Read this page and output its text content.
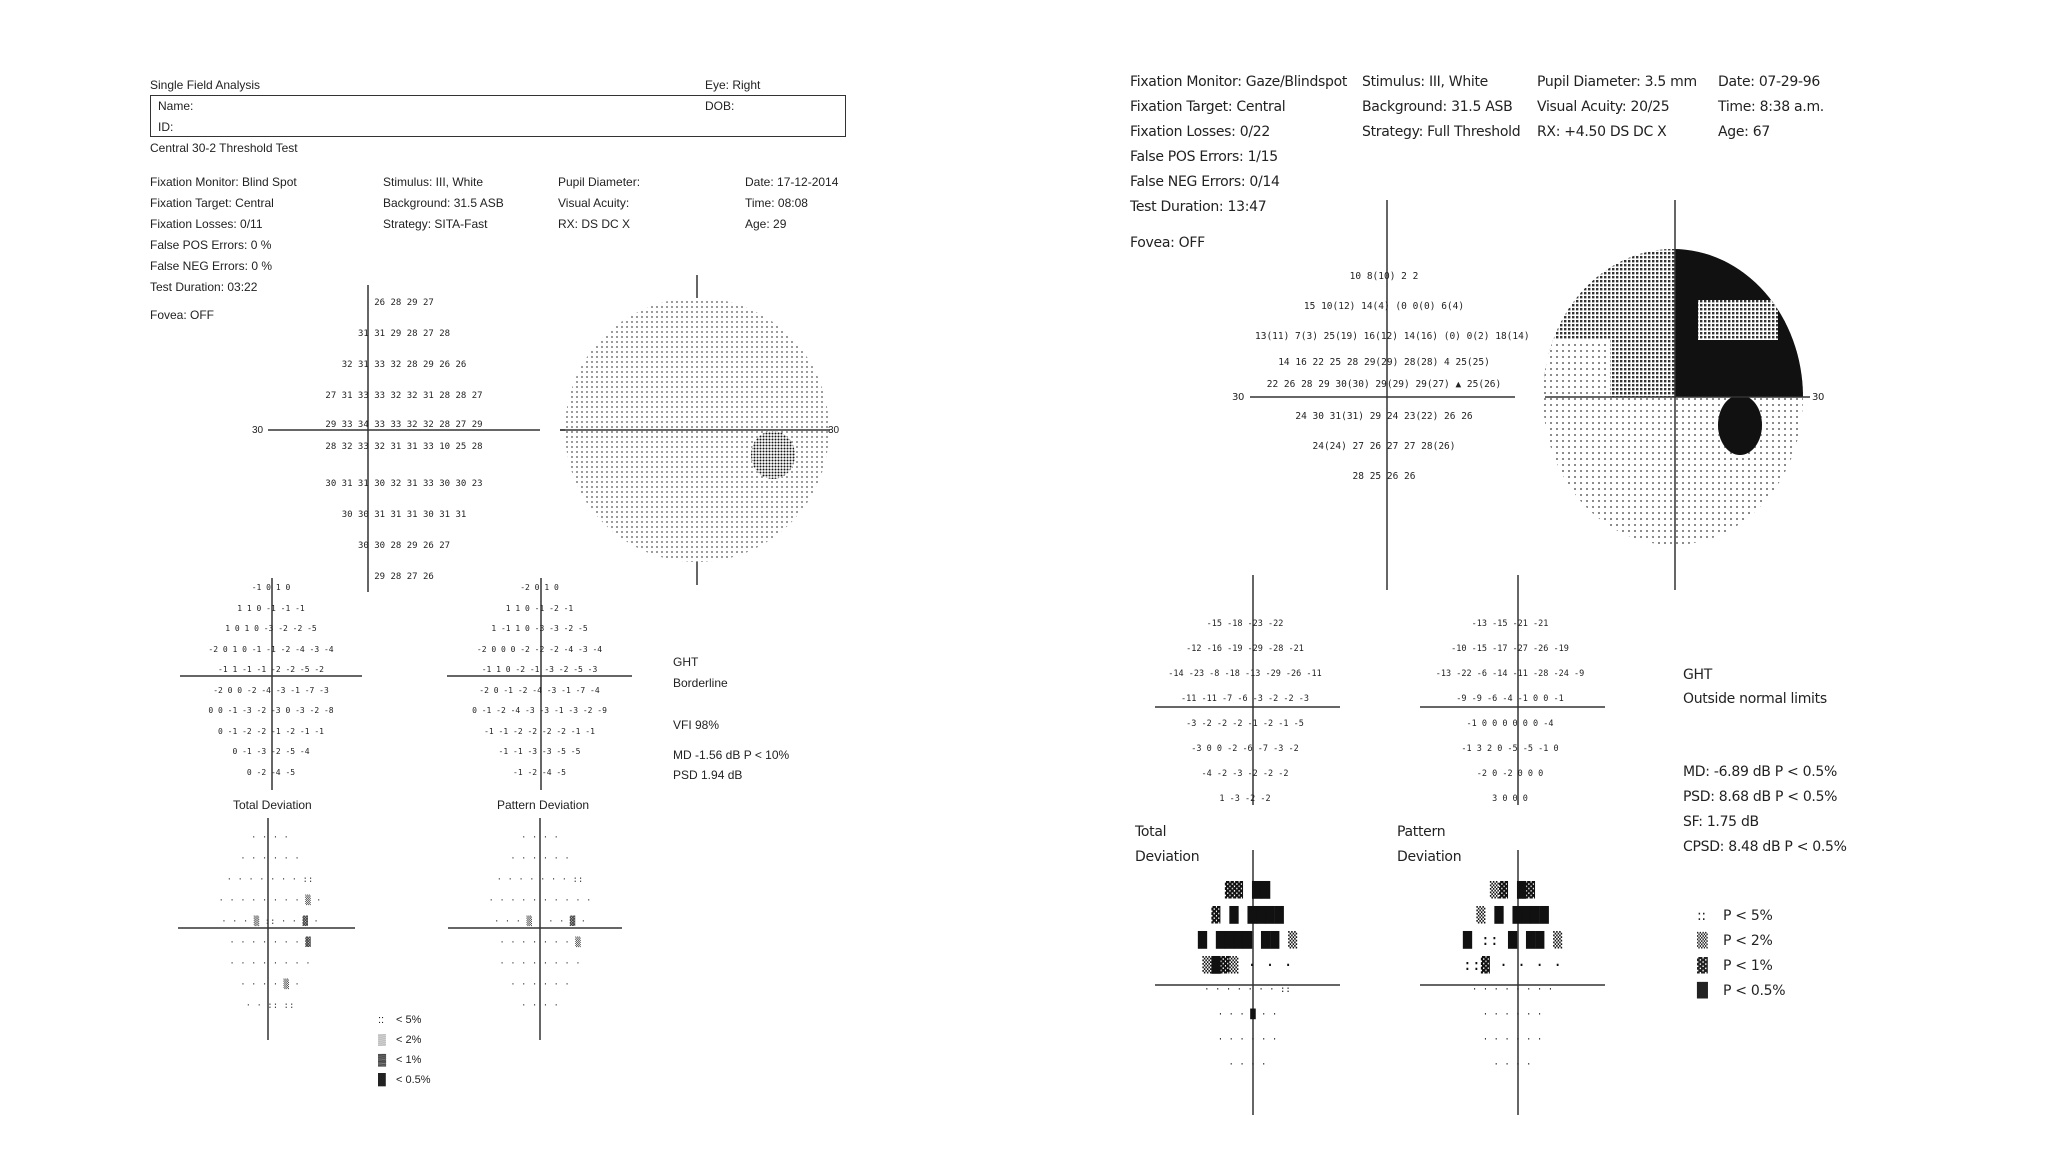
Single Field Analysis	Eye: Right
Name:	DOB:
ID:
Central 30-2 Threshold Test
Fixation Monitor: Blind Spot
Fixation Target: Central
Fixation Losses: 0/11
False POS Errors: 0 %
False NEG Errors: 0 %
Test Duration: 03:22
Stimulus: III, White
Background: 31.5 ASB
Strategy: SITA-Fast
Pupil Diameter:
Visual Acuity:
RX: DS DC X
Date: 17-12-2014
Time: 08:08
Age: 29
Fovea: OFF
30	30
26 28 29 27
31 31 29 28 27 28
32 31 33 32 28 29 26 26
27 31 33 33 32 32 31 28 28 27
29 33 34 33 33 32 32 28 27 29
28 32 33 32 31 31 33 10 25 28
30 31 31 30 32 31 33 30 30 23
30 30 31 31 31 30 31 31
30 30 28 29 26 27
29 28 27 26
-1 0 1 0
1 1 0 -1 -1 -1
1 0 1 0 -3 -2 -2 -5
-2 0 1 0 -1 -1 -2 -4 -3 -4
-1 1 -1 -1 -2 -2 -5 -2
-2 0 0 -2 -4 -3 -1 -7 -3
0 0 -1 -3 -2 -3 0 -3 -2 -8
0 -1 -2 -2 -1 -2 -1 -1
0 -1 -3 -2 -5 -4
0 -2 -4 -5
-2 0 1 0
1 1 0 -1 -2 -1
1 -1 1 0 -3 -3 -2 -5
-2 0 0 0 -2 -2 -2 -4 -3 -4
-1 1 0 -2 -1 -3 -2 -5 -3
-2 0 -1 -2 -4 -3 -1 -7 -4
0 -1 -2 -4 -3 -3 -1 -3 -2 -9
-1 -1 -2 -2 -2 -2 -1 -1
-1 -1 -3 -3 -5 -5
-1 -2 -4 -5
Total Deviation	Pattern Deviation
· · · ·
· · · · · ·
· · · · · · · ::
· · · · · · · · ▒ ·
· · · ▒ :: · · ▓ ·
· · · · · · · ▓
· · · · · · · ·
· · · · ▒ ·
· · :: ::
· · · ·
· · · · · ·
· · · · · · · ::
· · · · · · · · · ·
· · · ▒ · · · ▓ ·
· · · · · · · ▒
· · · · · · · ·
· · · · · ·
· · · ·
GHT
Borderline
VFI 98%
MD -1.56 dB P < 10%
PSD 1.94 dB
:: < 5%
▒ < 2%
▓ < 1%
█ < 0.5%
Fixation Monitor: Gaze/Blindspot
Fixation Target: Central
Fixation Losses: 0/22
False POS Errors: 1/15
False NEG Errors: 0/14
Test Duration: 13:47
Stimulus: III, White
Background: 31.5 ASB
Strategy: Full Threshold
Pupil Diameter: 3.5 mm
Visual Acuity: 20/25
RX: +4.50 DS DC X
Date: 07-29-96
Time: 8:38 a.m.
Age: 67
Fovea: OFF
30	30
10 8(10) 2 2
15 10(12) 14(4) (0 0(0) 6(4)
13(11) 7(3) 25(19) 16(12) 14(16) (0) 0(2) 18(14)
14 16 22 25 28 29(29) 28(28) 4 25(25)
22 26 28 29 30(30) 29(29) 29(27) ▲ 25(26)
24 30 31(31) 29 24 23(22) 26 26
24(24) 27 26 27 27 28(26)
28 25 26 26
-15 -18 -23 -22
-12 -16 -19 -29 -28 -21
-14 -23 -8 -18 -13 -29 -26 -11
-11 -11 -7 -6 -3 -2 -2 -3
-3 -2 -2 -2 -1 -2 -1 -5
-3 0 0 -2 -6 -7 -3 -2
-4 -2 -3 -2 -2 -2
1 -3 -2 -2
-13 -15 -21 -21
-10 -15 -17 -27 -26 -19
-13 -22 -6 -14 -11 -28 -24 -9
-9 -9 -6 -4 -1 0 0 -1
-1 0 0 0 0 0 0 -4
-1 3 2 0 -5 -5 -1 0
-2 0 -2 0 0 0
3 0 0 0
Total
Deviation
Pattern
Deviation
▓▓ ██
▓ █ ████
█ ████ ██ ▒
▒█▓▒ · · ·
· · · · · · · ::
· · · █ · ·
· · · · · ·
· · · ·
▒▓ █▓
▒ █ ████
█ :: █ ██ ▒
::▓ · · · ·
· · · · · · · ·
· · · · · ·
· · · · · ·
· · · ·
GHT
Outside normal limits
MD: -6.89 dB P < 0.5%
PSD: 8.68 dB P < 0.5%
SF: 1.75 dB
CPSD: 8.48 dB P < 0.5%
:: P < 5%
▒ P < 2%
▓ P < 1%
█ P < 0.5%
